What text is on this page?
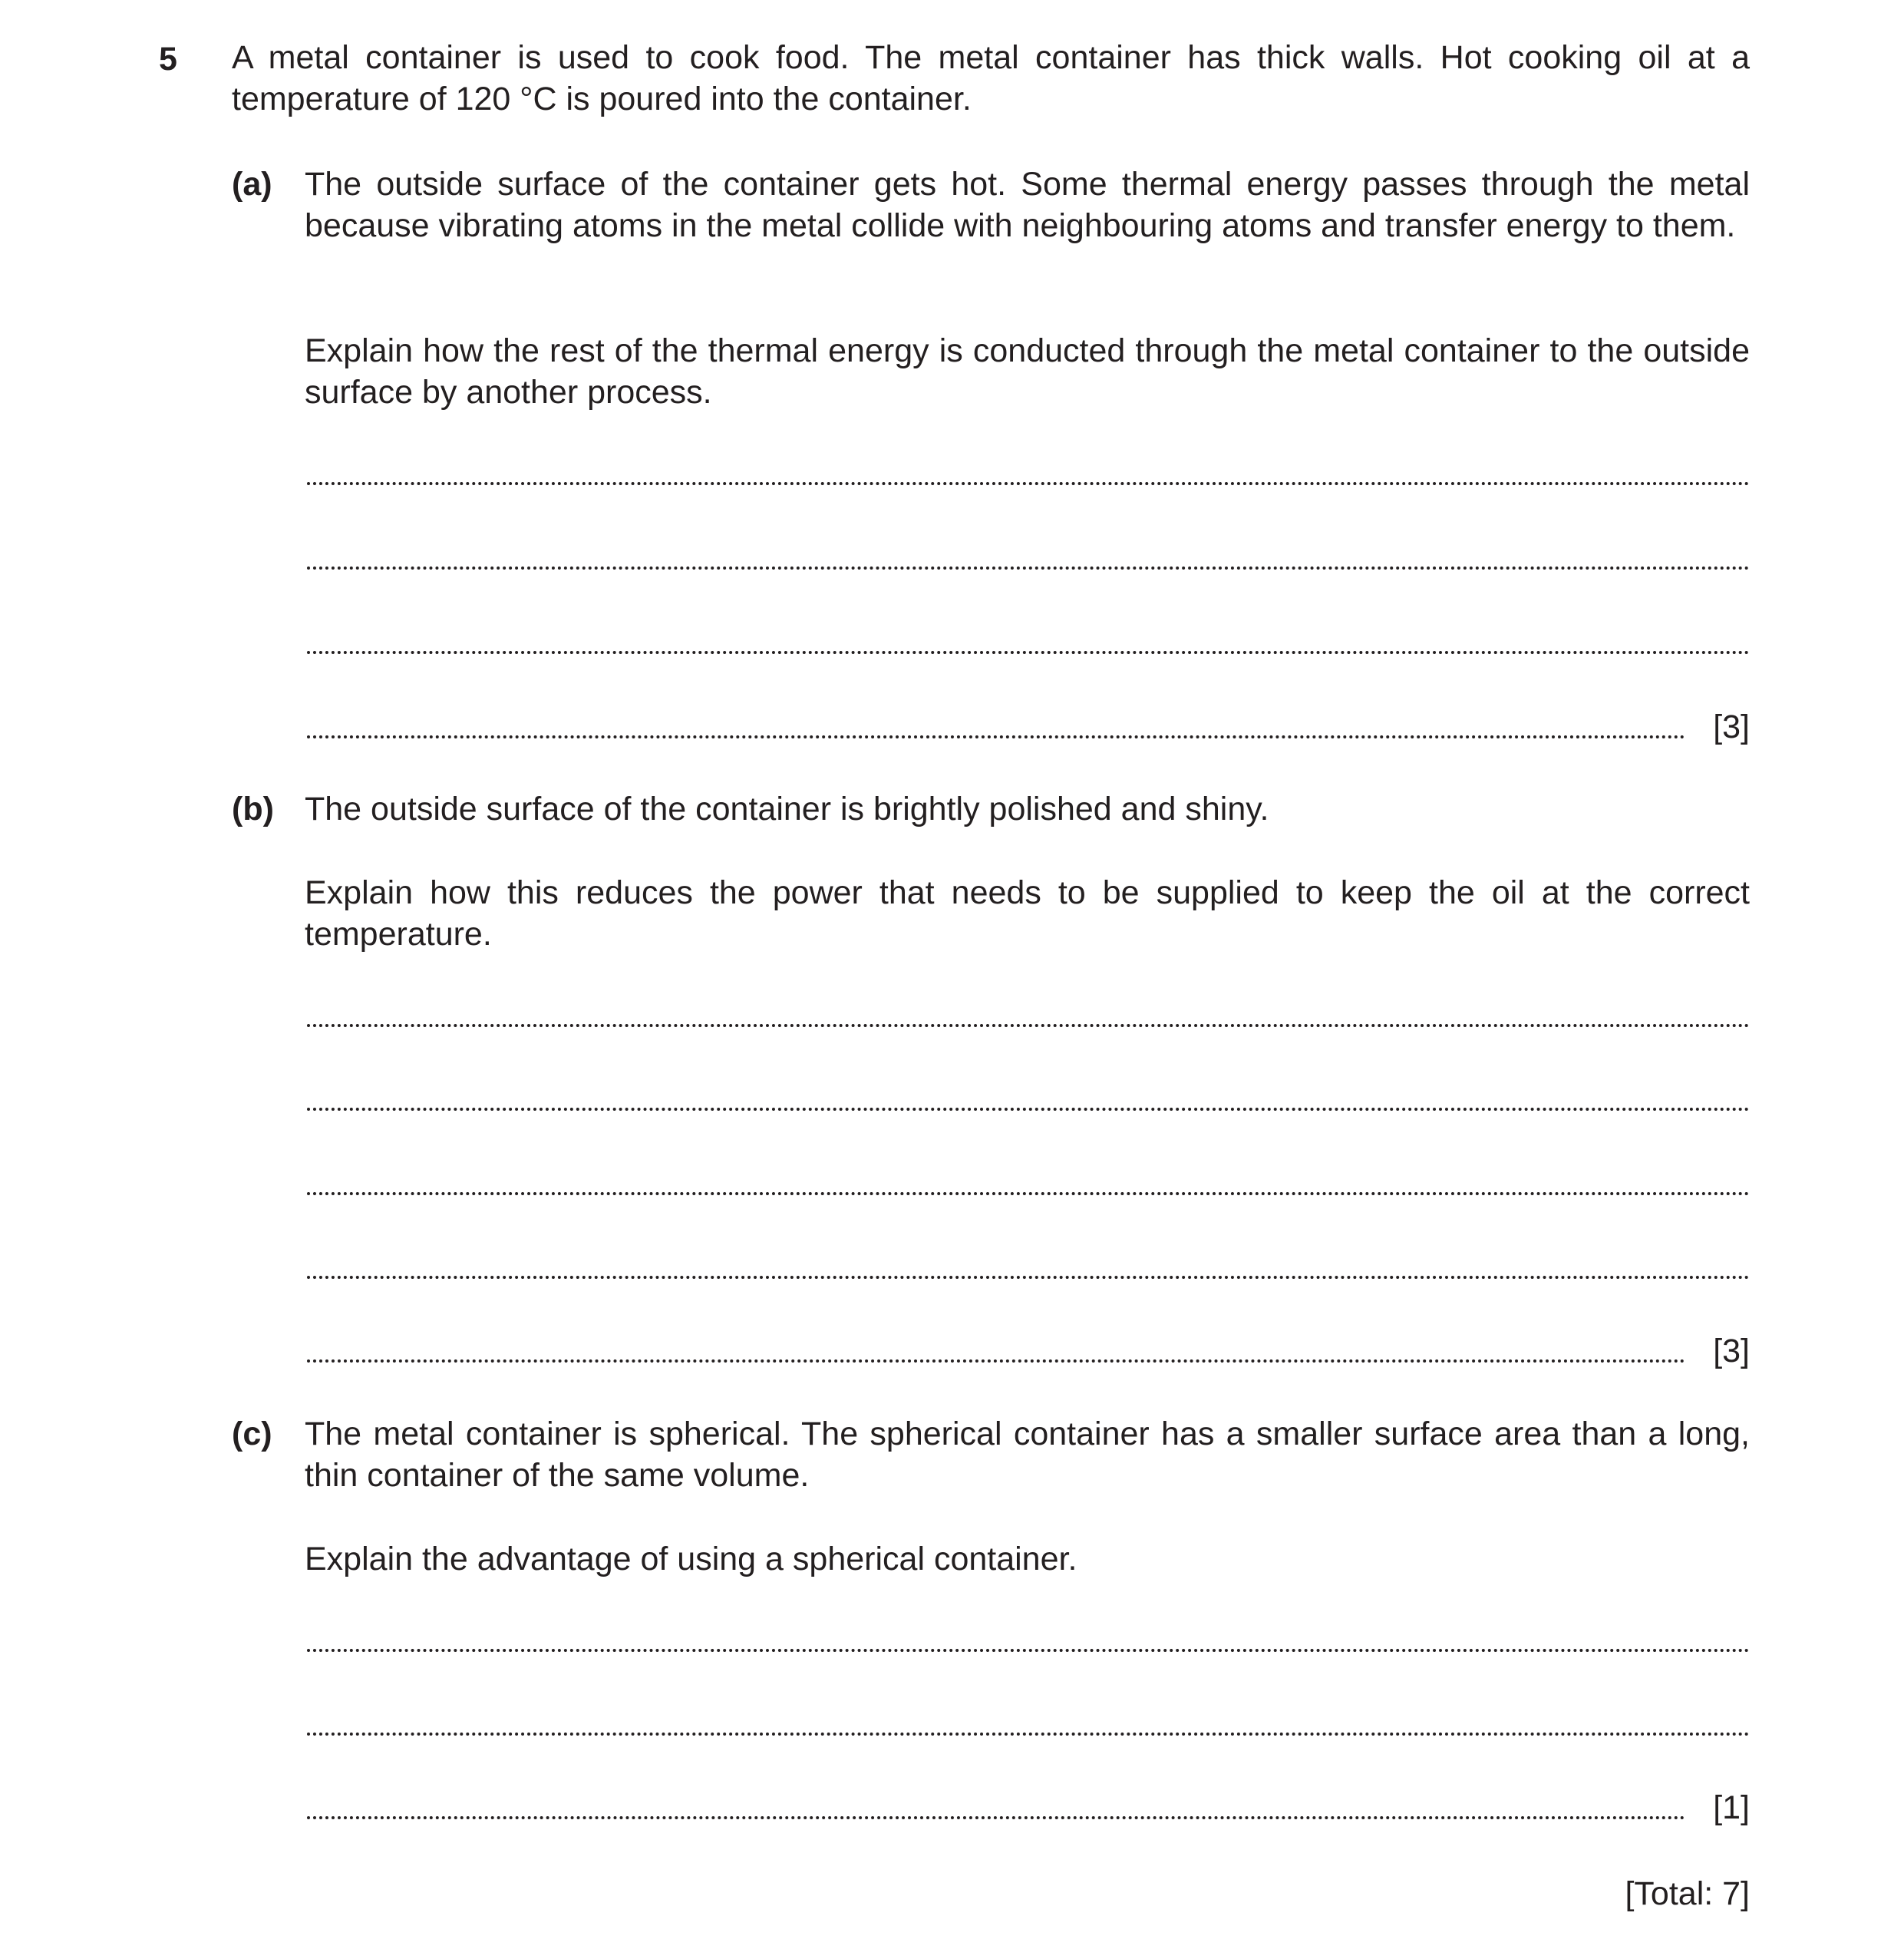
5 A metal container is used to cook food. The metal container has thick walls. Hot cooking oil at a temperature of 120 °C is poured into the container.
(a) The outside surface of the container gets hot. Some thermal energy passes through the metal because vibrating atoms in the metal collide with neighbouring atoms and transfer energy to them.
Explain how the rest of the thermal energy is conducted through the metal container to the outside surface by another process.
[3]
(b) The outside surface of the container is brightly polished and shiny.
Explain how this reduces the power that needs to be supplied to keep the oil at the correct temperature.
[3]
(c) The metal container is spherical. The spherical container has a smaller surface area than a long, thin container of the same volume.
Explain the advantage of using a spherical container.
[1]
[Total: 7]
